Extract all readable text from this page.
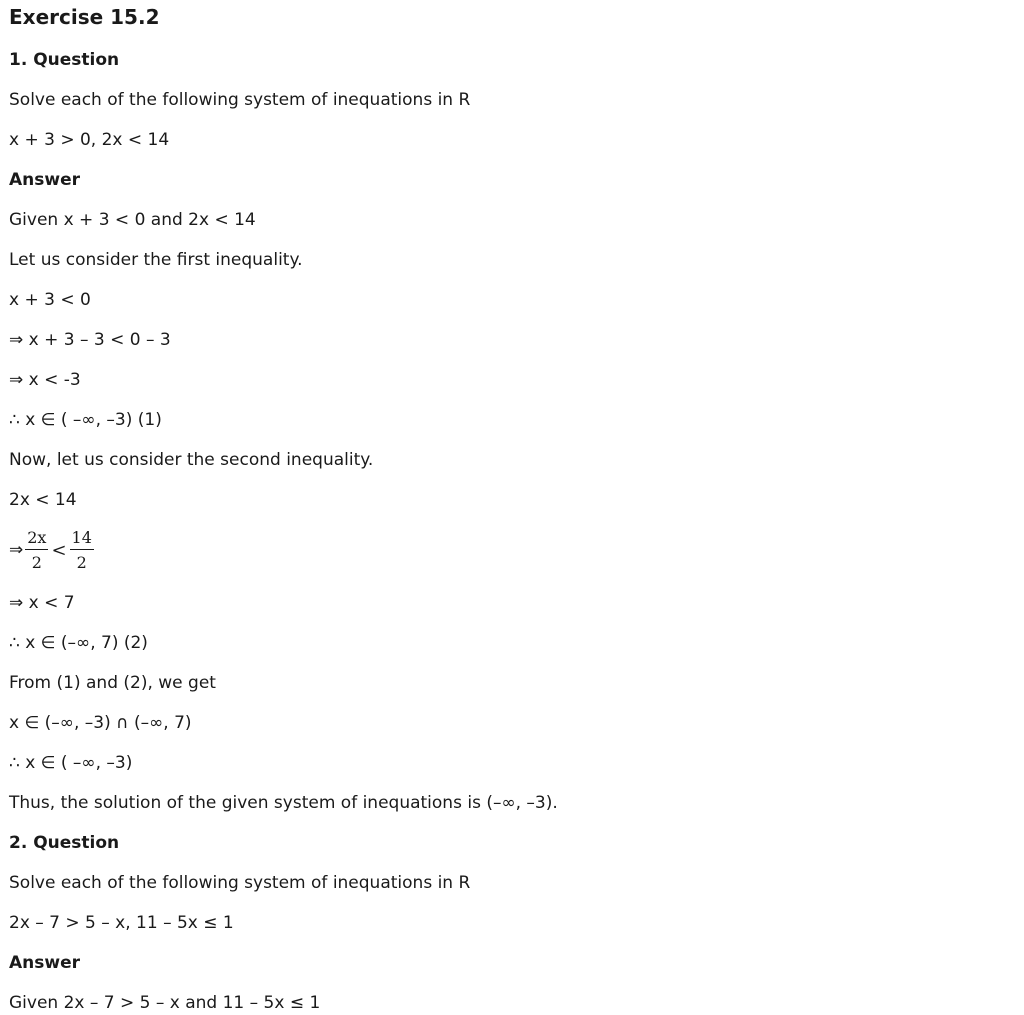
Exercise 15.2
1. Question
Solve each of the following system of inequations in R
x + 3 > 0, 2x < 14
Answer
Given x + 3 < 0 and 2x < 14
Let us consider the first inequality.
x + 3 < 0
⇒ x + 3 – 3 < 0 – 3
⇒ x < -3
∴ x ∈ ( –∞, –3) (1)
Now, let us consider the second inequality.
2x < 14
⇒ $\frac{2x}{2} < \frac{14}{2}$
⇒ x < 7
∴ x ∈ (–∞, 7) (2)
From (1) and (2), we get
x ∈ (–∞, –3) ∩ (–∞, 7)
∴ x ∈ ( –∞, –3)
Thus, the solution of the given system of inequations is (–∞, –3).
2. Question
Solve each of the following system of inequations in R
2x – 7 > 5 – x, 11 – 5x ≤ 1
Answer
Given 2x – 7 > 5 – x and 11 – 5x ≤ 1
